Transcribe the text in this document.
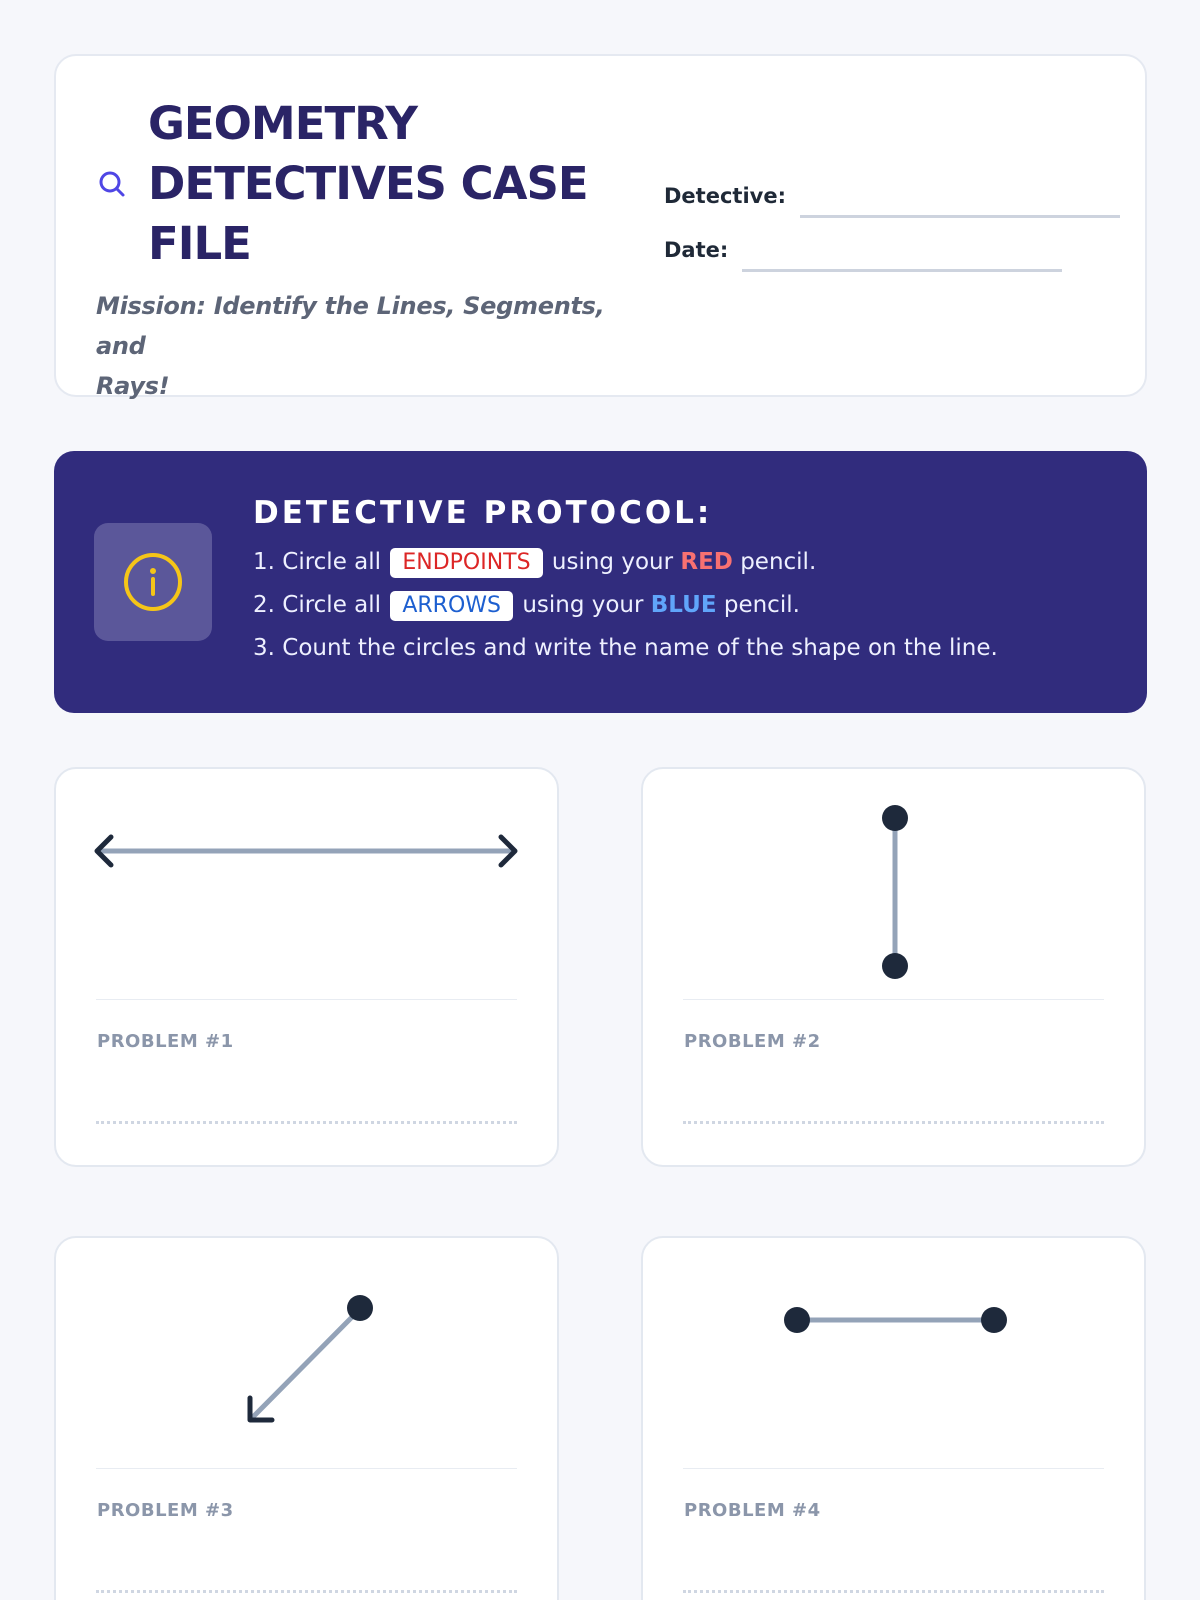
GEOMETRY
DETECTIVES CASE
FILE
Mission: Identify the Lines, Segments, and
Rays!
Detective:
Date:
DETECTIVE PROTOCOL:
1. Circle all ENDPOINTS using your RED pencil.
2. Circle all ARROWS using your BLUE pencil.
3. Count the circles and write the name of the shape on the line.
PROBLEM #1	PROBLEM #2
PROBLEM #3	PROBLEM #4
